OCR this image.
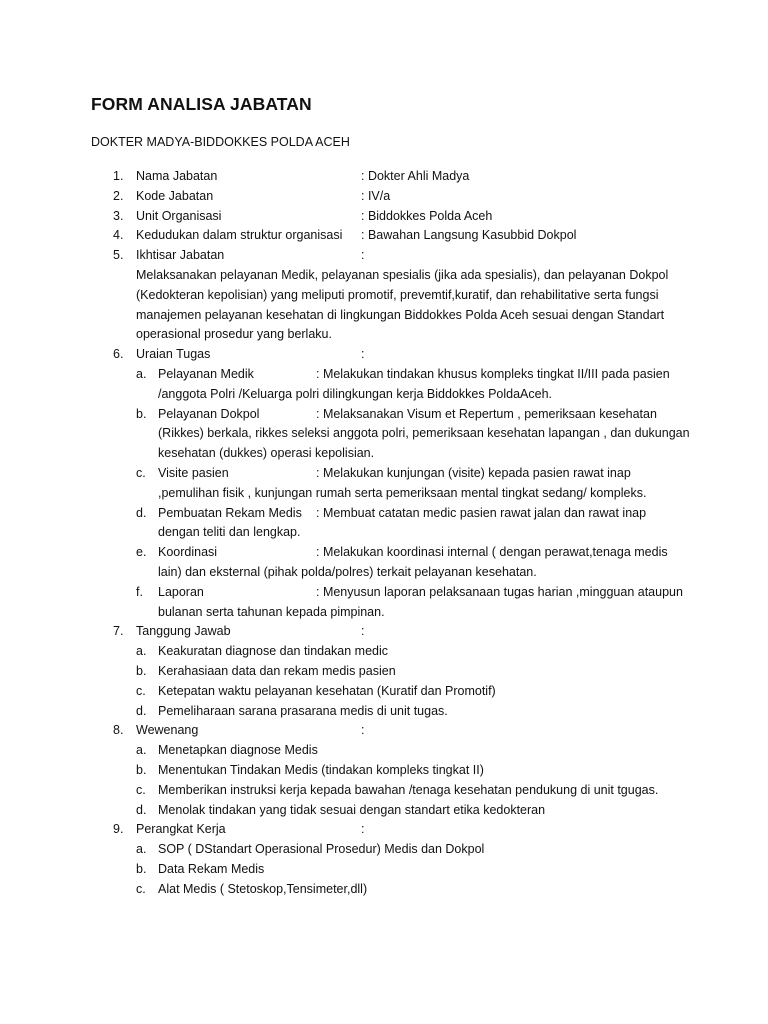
FORM ANALISA JABATAN
DOKTER MADYA-BIDDOKKES POLDA ACEH
1. Nama Jabatan	: Dokter Ahli Madya
2. Kode Jabatan	: IV/a
3. Unit Organisasi	: Biddokkes Polda Aceh
4. Kedudukan dalam struktur organisasi : Bawahan Langsung Kasubbid Dokpol
5. Ikhtisar Jabatan	:
Melaksanakan pelayanan Medik, pelayanan spesialis (jika ada spesialis), dan pelayanan Dokpol (Kedokteran kepolisian) yang meliputi promotif, prevemtif,kuratif, dan rehabilitative serta fungsi manajemen pelayanan kesehatan di lingkungan Biddokkes Polda Aceh sesuai dengan Standart operasional prosedur yang berlaku.
6. Uraian Tugas	:
a. Pelayanan Medik	: Melakukan tindakan khusus kompleks tingkat II/III pada pasien /anggota Polri /Keluarga polri dilingkungan kerja Biddokkes PoldaAceh.
b. Pelayanan Dokpol	: Melaksanakan Visum et Repertum , pemeriksaan kesehatan (Rikkes) berkala, rikkes seleksi anggota polri, pemeriksaan kesehatan lapangan , dan dukungan kesehatan (dukkes) operasi kepolisian.
c. Visite pasien	: Melakukan kunjungan (visite) kepada pasien rawat inap ,pemulihan fisik , kunjungan rumah serta pemeriksaan mental tingkat sedang/ kompleks.
d. Pembuatan Rekam Medis : Membuat catatan medic pasien rawat jalan dan rawat inap dengan teliti dan lengkap.
e. Koordinasi	: Melakukan koordinasi internal ( dengan perawat,tenaga medis lain) dan eksternal (pihak polda/polres) terkait pelayanan kesehatan.
f. Laporan	: Menyusun laporan pelaksanaan tugas harian ,mingguan ataupun bulanan serta tahunan kepada pimpinan.
7. Tanggung Jawab	:
a. Keakuratan diagnose dan tindakan medic
b. Kerahasiaan data dan rekam medis pasien
c. Ketepatan waktu pelayanan kesehatan (Kuratif dan Promotif)
d. Pemeliharaan sarana prasarana medis di unit tugas.
8. Wewenang	:
a. Menetapkan diagnose Medis
b. Menentukan Tindakan Medis (tindakan kompleks tingkat II)
c. Memberikan instruksi kerja kepada bawahan /tenaga kesehatan pendukung di unit tgugas.
d. Menolak tindakan yang tidak sesuai dengan standart etika kedokteran
9. Perangkat Kerja	:
a. SOP ( DStandart Operasional Prosedur) Medis dan Dokpol
b. Data Rekam Medis
c. Alat Medis ( Stetoskop,Tensimeter,dll)
